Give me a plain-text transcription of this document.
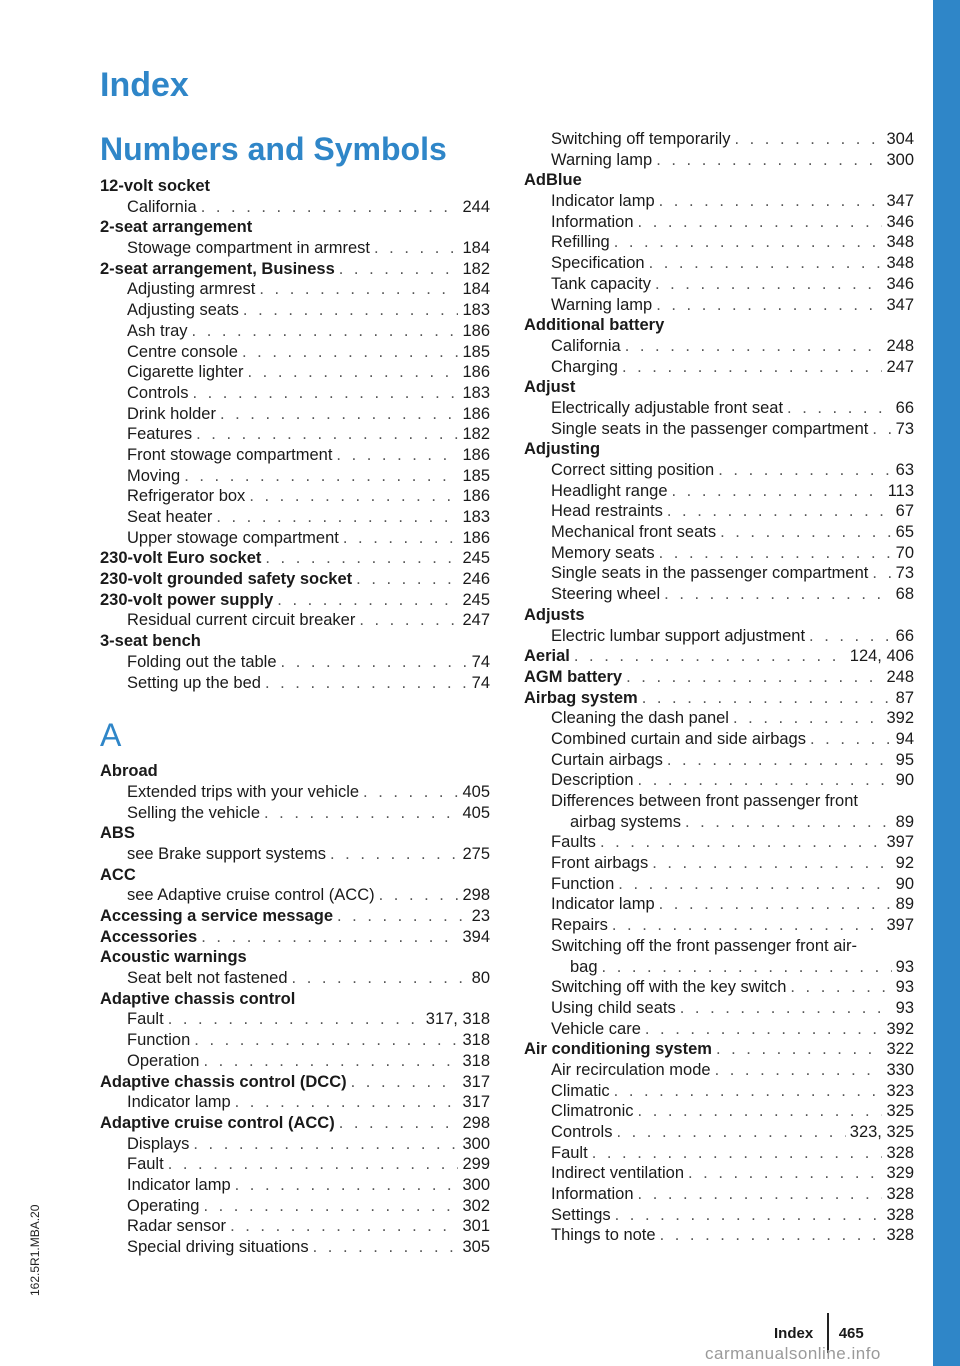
Index
Numbers and Symbols
12-volt socket
California . . .	244
2-seat arrangement
Stowage compartment in armrest . . .	184
2-seat arrangement, Business . . .	182
Adjusting armrest . . .	184
Adjusting seats . . .	183
Ash tray . . .	186
Centre console . . .	185
Cigarette lighter . . .	186
Controls . . .	183
Drink holder . . .	186
Features . . .	182
Front stowage compartment . . .	186
Moving . . .	185
Refrigerator box . . .	186
Seat heater . . .	183
Upper stowage compartment . . .	186
230-volt Euro socket . . .	245
230-volt grounded safety socket . . .	246
230-volt power supply . . .	245
Residual current circuit breaker . . .	247
3-seat bench
Folding out the table . . .	74
Setting up the bed . . .	74
A
Abroad
Extended trips with your vehicle . . .	405
Selling the vehicle . . .	405
ABS
see Brake support systems . . .	275
ACC
see Adaptive cruise control (ACC) . . .	298
Accessing a service message . . .	23
Accessories . . .	394
Acoustic warnings
Seat belt not fastened . . .	80
Adaptive chassis control
Fault . . .	317, 318
Function . . .	318
Operation . . .	318
Adaptive chassis control (DCC) . . .	317
Indicator lamp . . .	317
Adaptive cruise control (ACC) . . .	298
Displays . . .	300
Fault . . .	299
Indicator lamp . . .	300
Operating . . .	302
Radar sensor . . .	301
Special driving situations . . .	305
Switching off temporarily . . .	304
Warning lamp . . .	300
AdBlue
Indicator lamp . . .	347
Information . . .	346
Refilling . . .	348
Specification . . .	348
Tank capacity . . .	346
Warning lamp . . .	347
Additional battery
California . . .	248
Charging . . .	247
Adjust
Electrically adjustable front seat . . .	66
Single seats in the passenger compartment . . . 73
Adjusting
Correct sitting position . . .	63
Headlight range . . .	113
Head restraints . . .	67
Mechanical front seats . . .	65
Memory seats . . .	70
Single seats in the passenger compartment . . . 73
Steering wheel . . .	68
Adjusts
Electric lumbar support adjustment . . .	66
Aerial . . .	124, 406
AGM battery . . .	248
Airbag system . . .	87
Cleaning the dash panel . . .	392
Combined curtain and side airbags . . .	94
Curtain airbags . . .	95
Description . . .	90
Differences between front passenger front
airbag systems . . .	89
Faults . . .	397
Front airbags . . .	92
Function . . .	90
Indicator lamp . . .	89
Repairs . . .	397
Switching off the front passenger front air-
bag . . .	93
Switching off with the key switch . . .	93
Using child seats . . .	93
Vehicle care . . .	392
Air conditioning system . . .	322
Air recirculation mode . . .	330
Climatic . . .	323
Climatronic . . .	325
Controls . . .	323, 325
Fault . . .	328
Indirect ventilation . . .	329
Information . . .	328
Settings . . .	328
Things to note . . .	328
162.5R1.MBA.20
Index 465
carmanualsonline.info
